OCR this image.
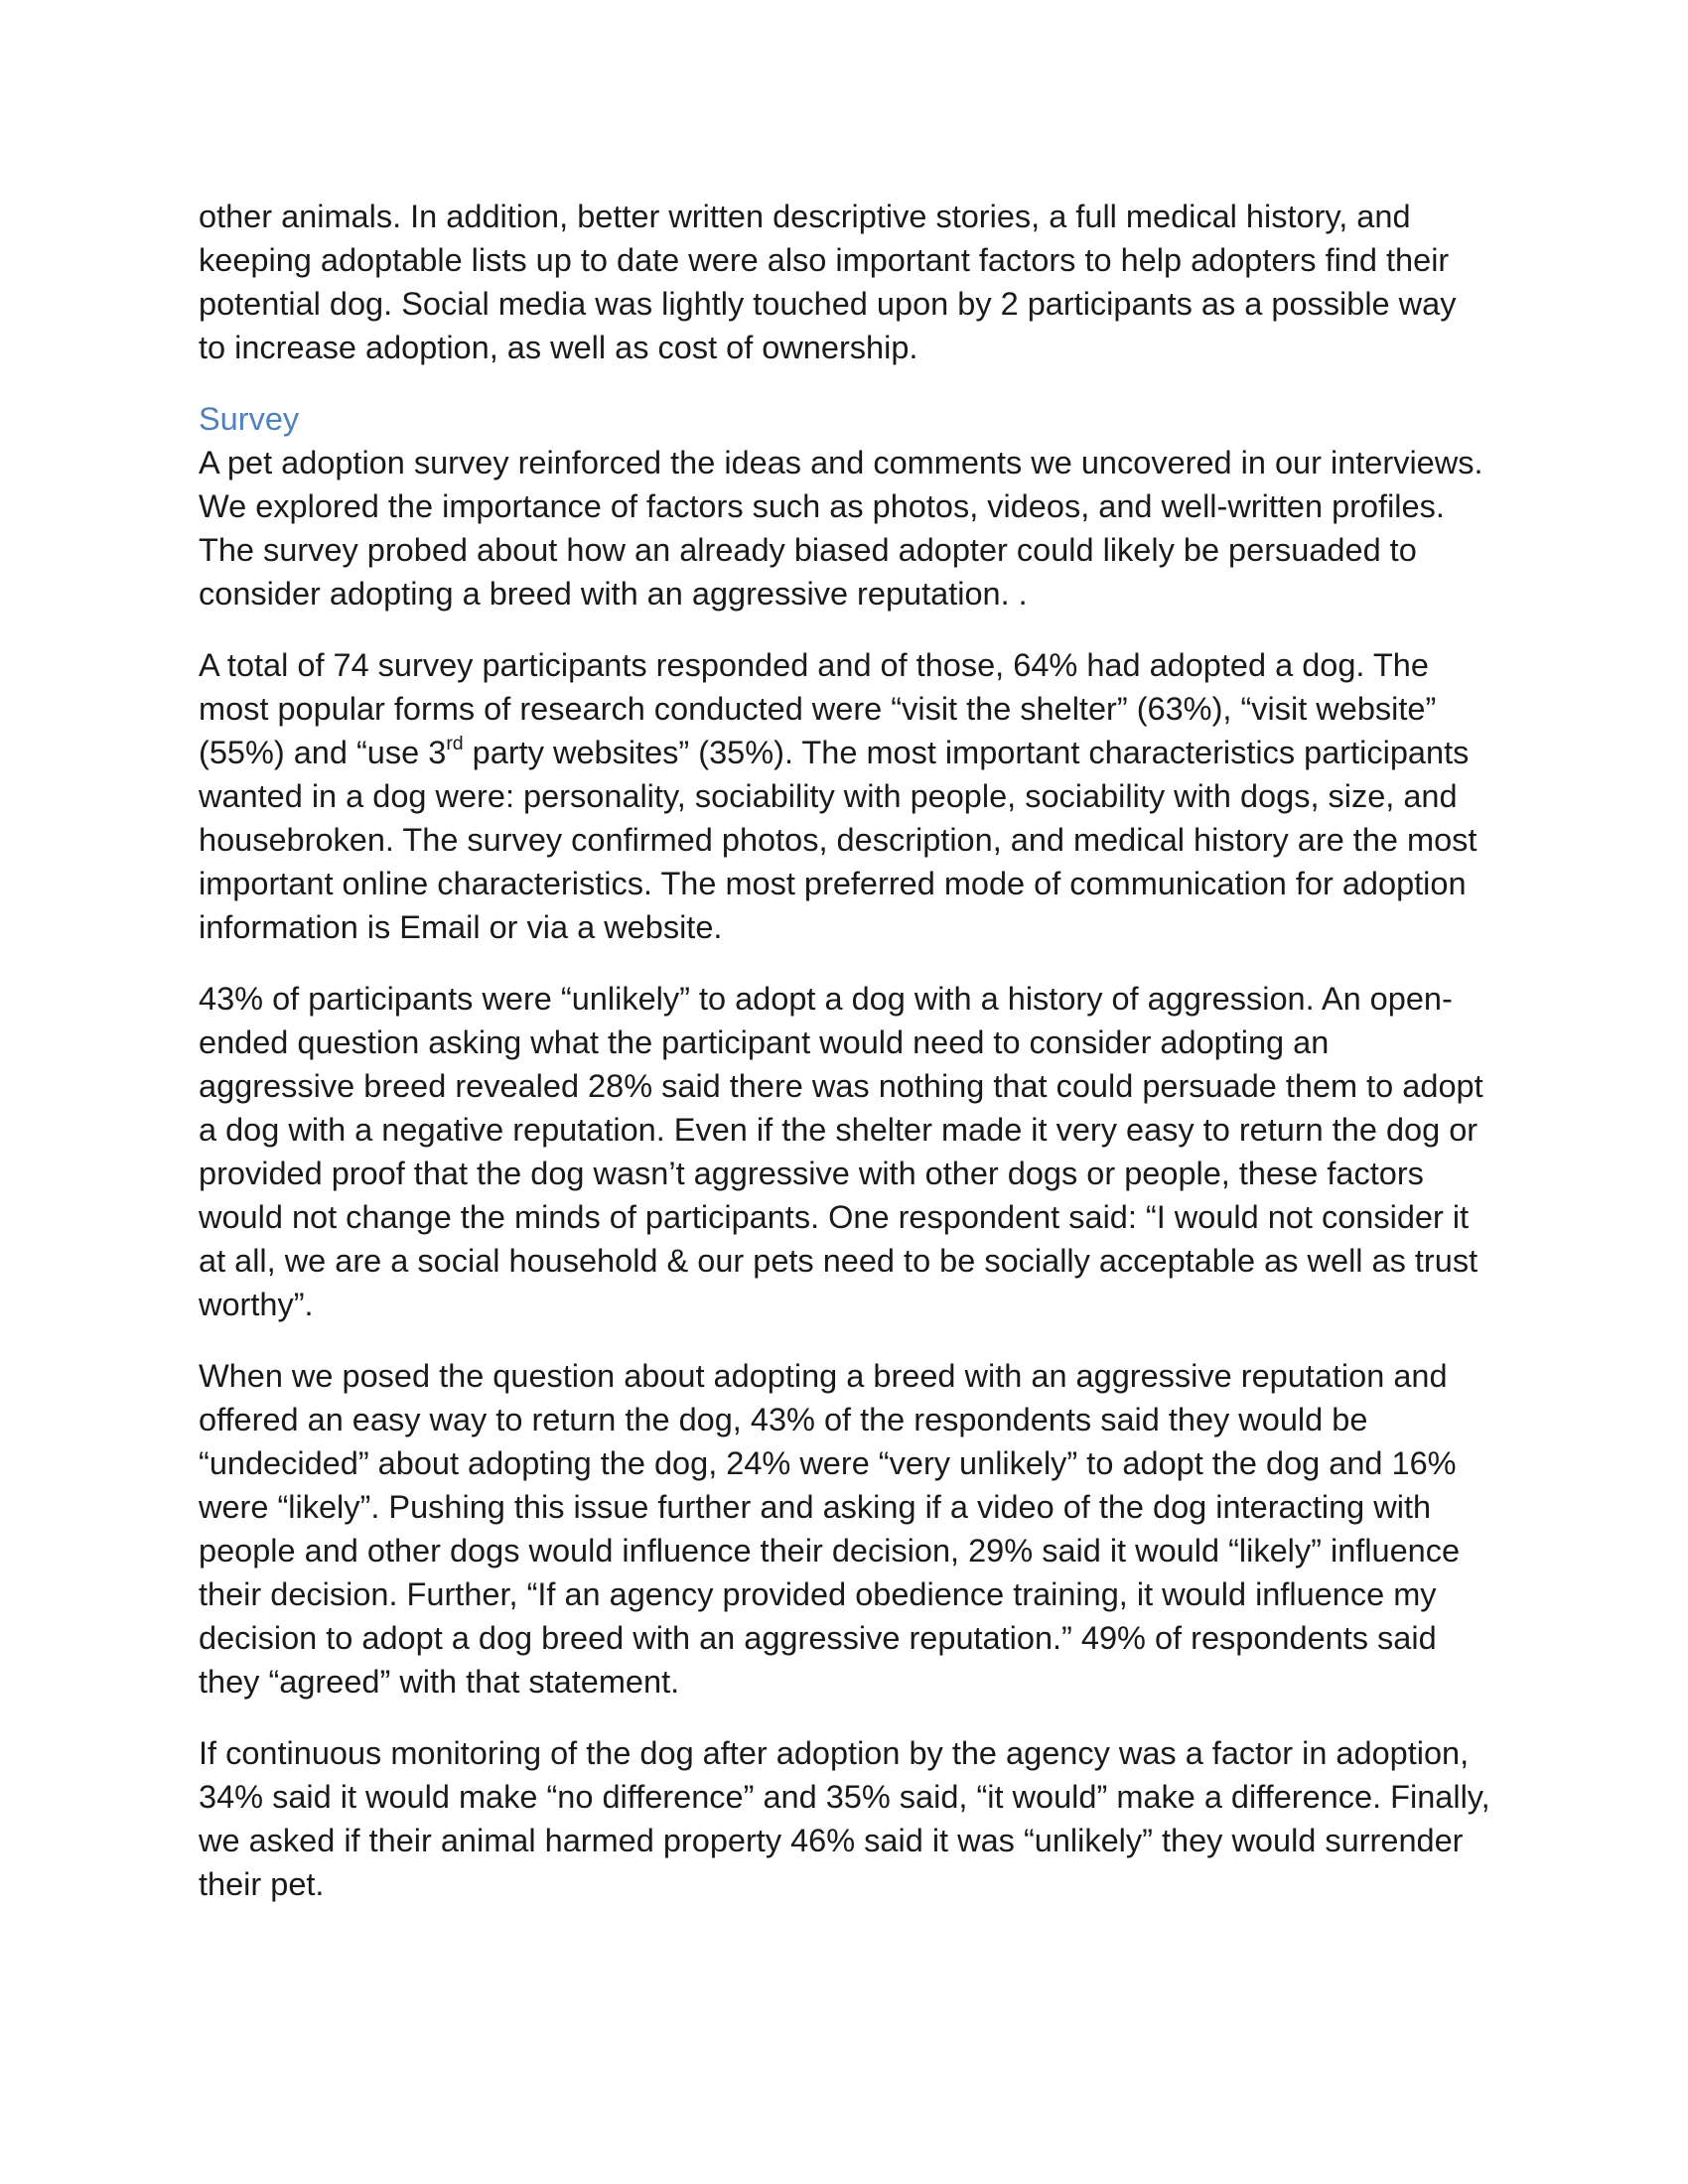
other animals. In addition, better written descriptive stories, a full medical history, and keeping adoptable lists up to date were also important factors to help adopters find their potential dog. Social media was lightly touched upon by 2 participants as a possible way to increase adoption, as well as cost of ownership.

Survey

A pet adoption survey reinforced the ideas and comments we uncovered in our interviews. We explored the importance of factors such as photos, videos, and well-written profiles. The survey probed about how an already biased adopter could likely be persuaded to consider adopting a breed with an aggressive reputation. .

A total of 74 survey participants responded and of those, 64% had adopted a dog. The most popular forms of research conducted were “visit the shelter” (63%), “visit website” (55%) and “use 3rd party websites” (35%). The most important characteristics participants wanted in a dog were: personality, sociability with people, sociability with dogs, size, and housebroken. The survey confirmed photos, description, and medical history are the most important online characteristics. The most preferred mode of communication for adoption information is Email or via a website.

43% of participants were “unlikely” to adopt a dog with a history of aggression. An open-ended question asking what the participant would need to consider adopting an aggressive breed revealed 28% said there was nothing that could persuade them to adopt a dog with a negative reputation. Even if the shelter made it very easy to return the dog or provided proof that the dog wasn’t aggressive with other dogs or people, these factors would not change the minds of participants. One respondent said: “I would not consider it at all, we are a social household & our pets need to be socially acceptable as well as trust worthy”.

When we posed the question about adopting a breed with an aggressive reputation and offered an easy way to return the dog, 43% of the respondents said they would be “undecided” about adopting the dog, 24% were “very unlikely” to adopt the dog and 16% were “likely”. Pushing this issue further and asking if a video of the dog interacting with people and other dogs would influence their decision, 29% said it would “likely” influence their decision. Further, “If an agency provided obedience training, it would influence my decision to adopt a dog breed with an aggressive reputation.” 49% of respondents said they “agreed” with that statement.

If continuous monitoring of the dog after adoption by the agency was a factor in adoption, 34% said it would make “no difference” and 35% said, “it would” make a difference. Finally, we asked if their animal harmed property 46% said it was “unlikely” they would surrender their pet.
